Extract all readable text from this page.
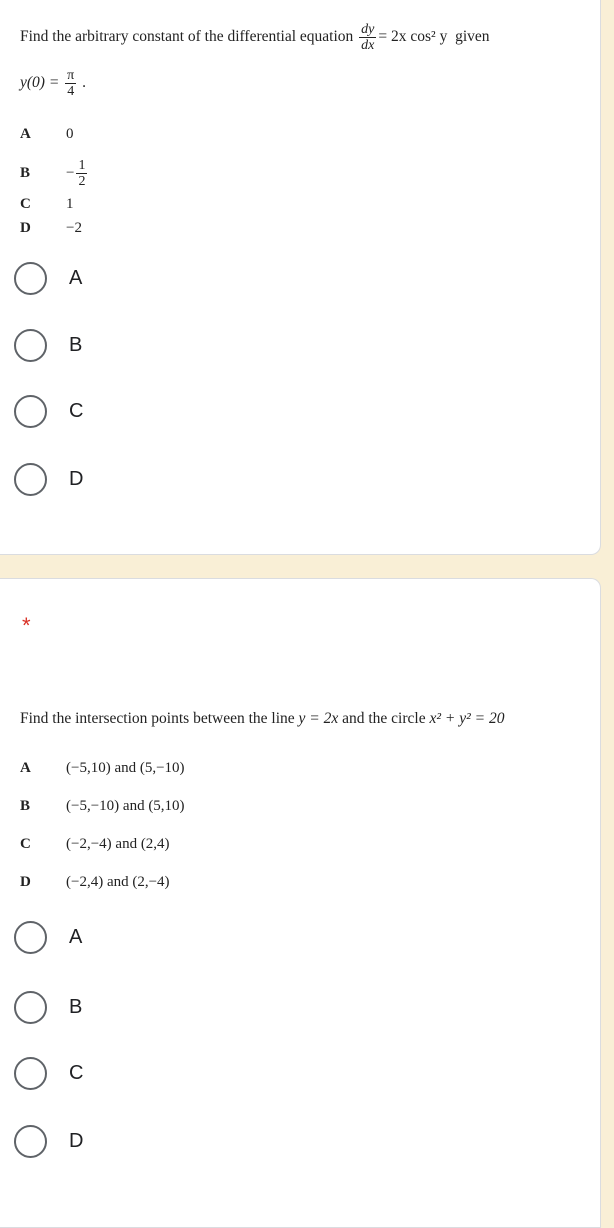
Find the arbitrary constant of the differential equation $\frac{dy}{dx} = 2x$ cos² y given
$y(0) = \frac{\pi}{4}$ .
A 0
$B - \frac{1}{2}$
C 1
D −2
A
B
C
D
*
Find the intersection points between the line y = 2x and the circle x² + y² = 20
A (−5,10) and (5,−10)
B (−5,−10) and (5,10)
C (−2,−4) and (2,4)
D (−2,4) and (2,−4)
A
B
C
D
